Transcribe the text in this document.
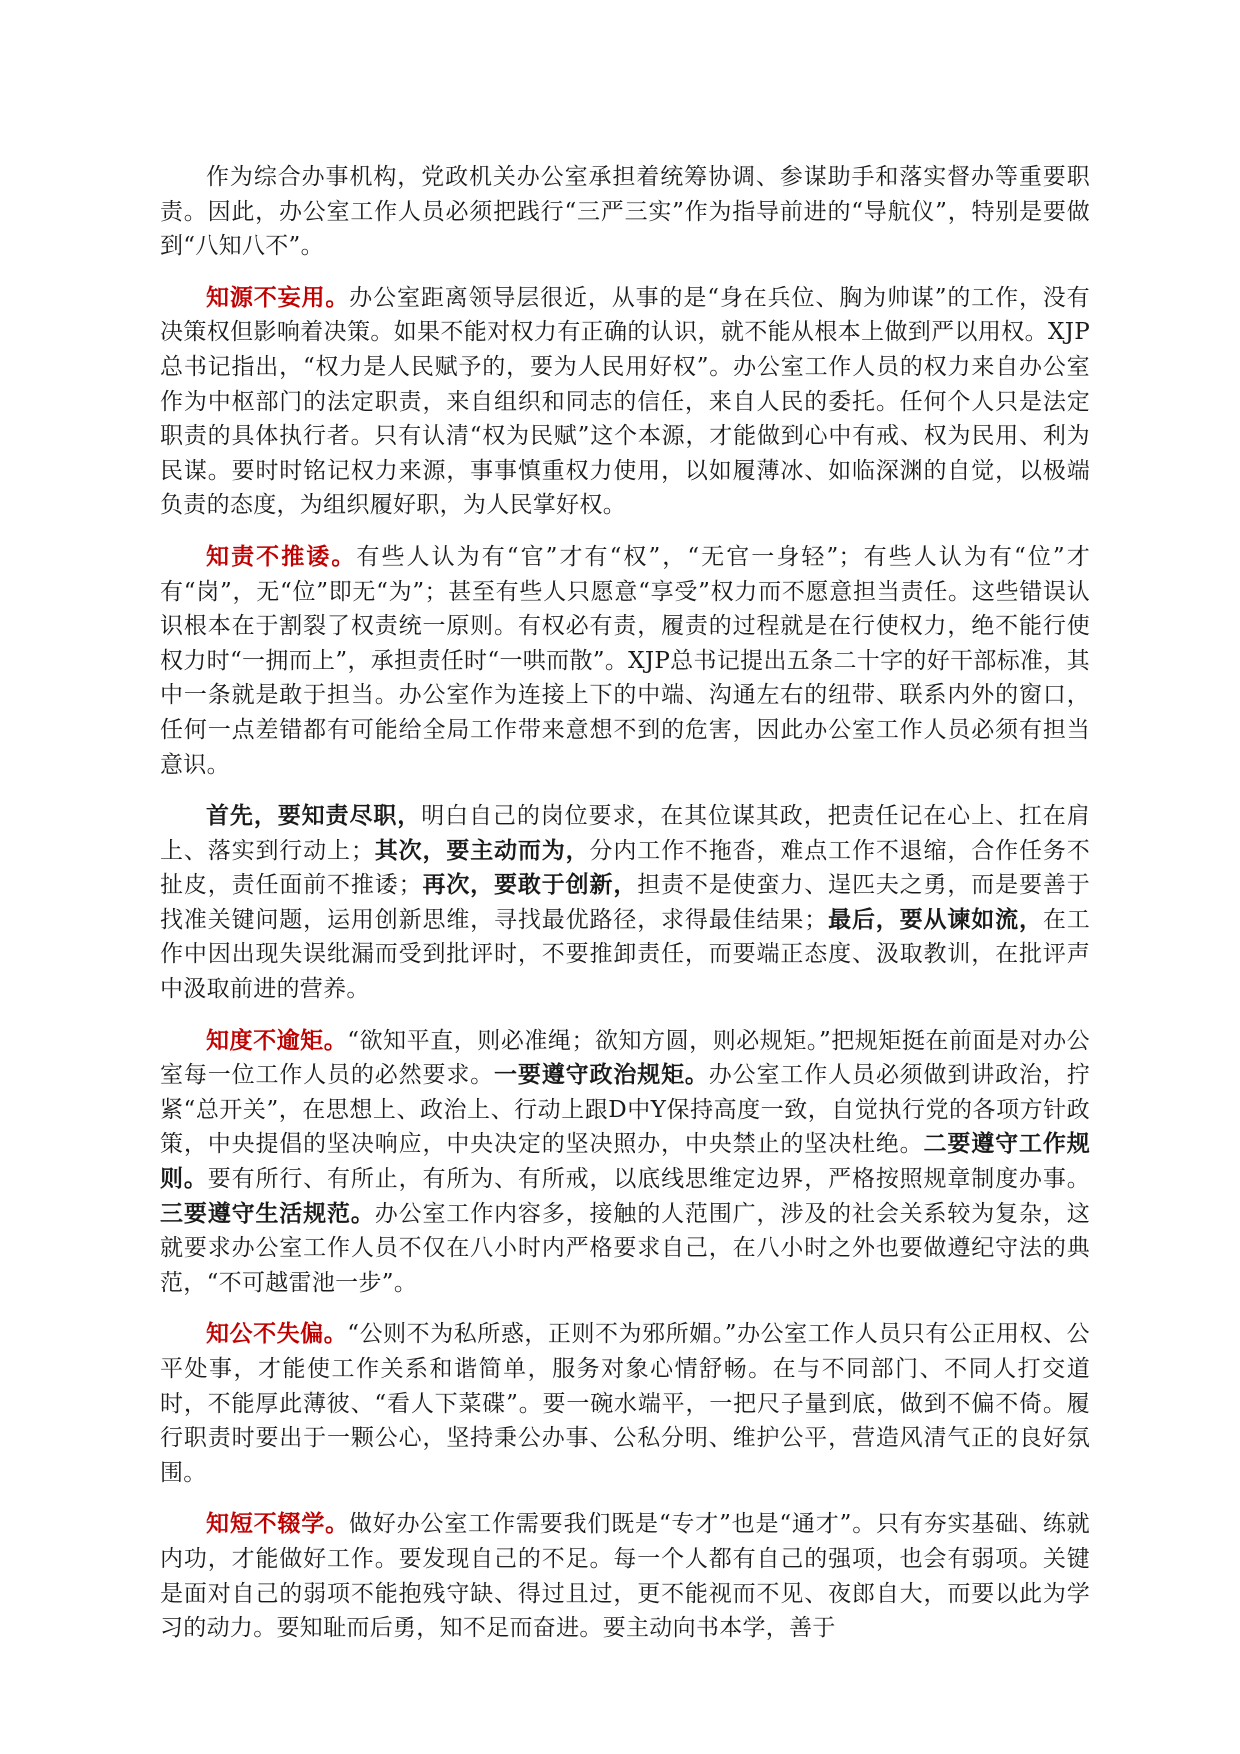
作为综合办事机构，党政机关办公室承担着统筹协调、参谋助手和落实督办等重要职责。因此，办公室工作人员必须把践行“三严三实”作为指导前进的“导航仪”，特别是要做到“八知八不”。

知源不妄用。办公室距离领导层很近，从事的是“身在兵位、胸为帅谋”的工作，没有决策权但影响着决策。如果不能对权力有正确的认识，就不能从根本上做到严以用权。XJP总书记指出，“权力是人民赋予的，要为人民用好权”。办公室工作人员的权力来自办公室作为中枢部门的法定职责，来自组织和同志的信任，来自人民的委托。任何个人只是法定职责的具体执行者。只有认清“权为民赋”这个本源，才能做到心中有戒、权为民用、利为民谋。要时时铭记权力来源，事事慎重权力使用，以如履薄冰、如临深渊的自觉，以极端负责的态度，为组织履好职，为人民掌好权。

知责不推诿。有些人认为有“官”才有“权”，“无官一身轻”；有些人认为有“位”才有“岗”，无“位”即无“为”；甚至有些人只愿意“享受”权力而不愿意担当责任。这些错误认识根本在于割裂了权责统一原则。有权必有责，履责的过程就是在行使权力，绝不能行使权力时“一拥而上”，承担责任时“一哄而散”。XJP总书记提出五条二十字的好干部标准，其中一条就是敢于担当。办公室作为连接上下的中端、沟通左右的纽带、联系内外的窗口，任何一点差错都有可能给全局工作带来意想不到的危害，因此办公室工作人员必须有担当意识。

首先，要知责尽职，明白自己的岗位要求，在其位谋其政，把责任记在心上、扛在肩上、落实到行动上；其次，要主动而为，分内工作不拖沓，难点工作不退缩，合作任务不扯皮，责任面前不推诿；再次，要敢于创新，担责不是使蛮力、逞匹夫之勇，而是要善于找准关键问题，运用创新思维，寻找最优路径，求得最佳结果；最后，要从谏如流，在工作中因出现失误纰漏而受到批评时，不要推卸责任，而要端正态度、汲取教训，在批评声中汲取前进的营养。

知度不逾矩。“欲知平直，则必准绳；欲知方圆，则必规矩。”把规矩挺在前面是对办公室每一位工作人员的必然要求。一要遵守政治规矩。办公室工作人员必须做到讲政治，拧紧“总开关”，在思想上、政治上、行动上跟D中Y保持高度一致，自觉执行党的各项方针政策，中央提倡的坚决响应，中央决定的坚决照办，中央禁止的坚决杜绝。二要遵守工作规则。要有所行、有所止，有所为、有所戒，以底线思维定边界，严格按照规章制度办事。三要遵守生活规范。办公室工作内容多，接触的人范围广，涉及的社会关系较为复杂，这就要求办公室工作人员不仅在八小时内严格要求自己，在八小时之外也要做遵纪守法的典范，“不可越雷池一步”。

知公不失偏。“公则不为私所惑，正则不为邪所媚。”办公室工作人员只有公正用权、公平处事，才能使工作关系和谐简单，服务对象心情舒畅。在与不同部门、不同人打交道时，不能厚此薄彼、“看人下菜碟”。要一碗水端平，一把尺子量到底，做到不偏不倚。履行职责时要出于一颗公心，坚持秉公办事、公私分明、维护公平，营造风清气正的良好氛围。

知短不辍学。做好办公室工作需要我们既是“专才”也是“通才”。只有夯实基础、练就内功，才能做好工作。要发现自己的不足。每一个人都有自己的强项，也会有弱项。关键是面对自己的弱项不能抱残守缺、得过且过，更不能视而不见、夜郎自大，而要以此为学习的动力。要知耻而后勇，知不足而奋进。要主动向书本学，善于
